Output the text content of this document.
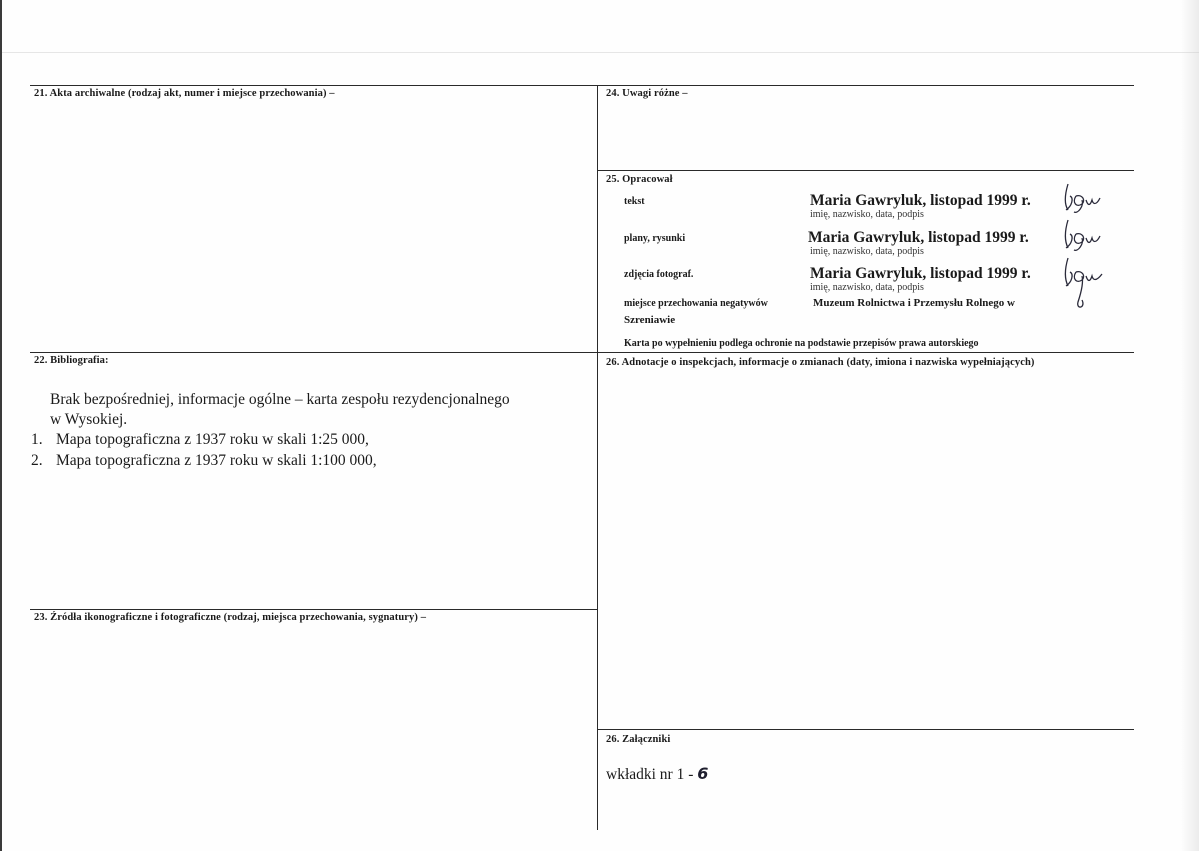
21. Akta archiwalne (rodzaj akt, numer i miejsce przechowania) –
22. Bibliografia:
Brak bezpośredniej, informacje ogólne – karta zespołu rezydencjonalnego
w Wysokiej.
1. Mapa topograficzna z 1937 roku w skali 1:25 000,
2. Mapa topograficzna z 1937 roku w skali 1:100 000,
23. Źródła ikonograficzne i fotograficzne (rodzaj, miejsca przechowania, sygnatury) –
24. Uwagi różne –
25. Opracował
tekst	Maria Gawryluk, listopad 1999 r.
imię, nazwisko, data, podpis
plany, rysunki	Maria Gawryluk, listopad 1999 r.
imię, nazwisko, data, podpis
zdjęcia fotograf.	Maria Gawryluk, listopad 1999 r.
imię, nazwisko, data, podpis
miejsce przechowania negatywów	Muzeum Rolnictwa i Przemysłu Rolnego w
Szreniawie
Karta po wypełnieniu podlega ochronie na podstawie przepisów prawa autorskiego
26. Adnotacje o inspekcjach, informacje o zmianach (daty, imiona i nazwiska wypełniających)
26. Załączniki
wkładki nr 1 - 6
